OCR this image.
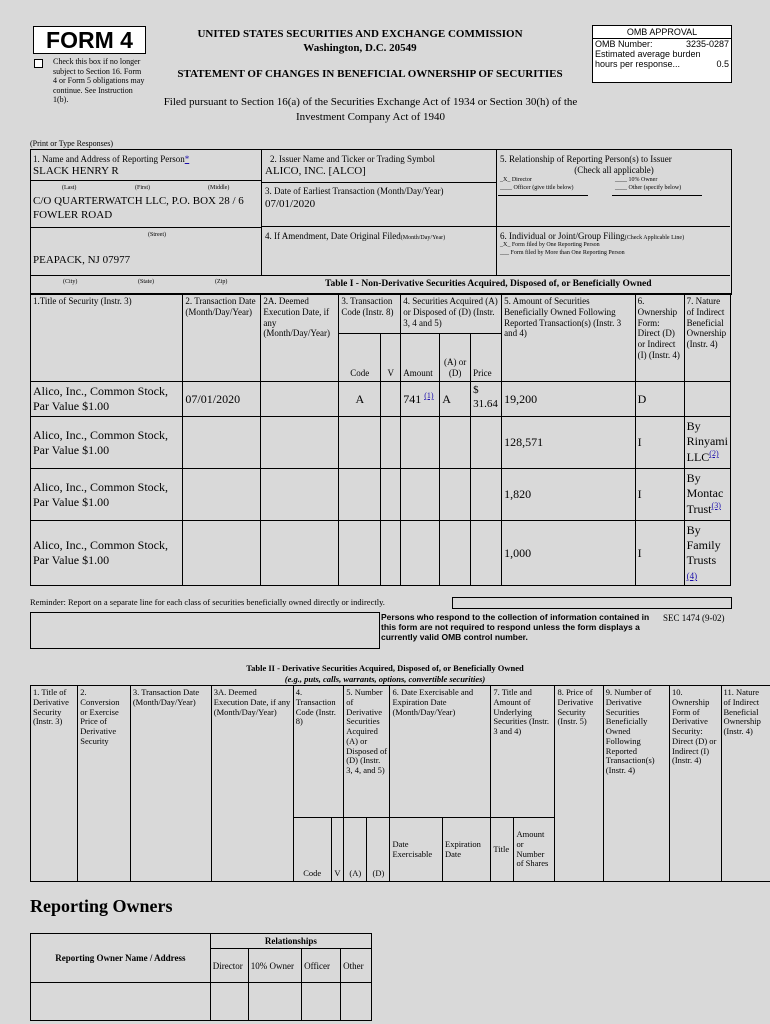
FORM 4
Check this box if no longer subject to Section 16. Form 4 or Form 5 obligations may continue. See Instruction 1(b).
UNITED STATES SECURITIES AND EXCHANGE COMMISSION
Washington, D.C. 20549
STATEMENT OF CHANGES IN BENEFICIAL OWNERSHIP OF SECURITIES
Filed pursuant to Section 16(a) of the Securities Exchange Act of 1934 or Section 30(h) of the Investment Company Act of 1940
OMB APPROVAL
OMB Number:	3235-0287
Estimated average burden
hours per response...	0.5
(Print or Type Responses)
1. Name and Address of Reporting Person*
SLACK HENRY R
(Last)	(First)	(Middle)
C/O QUARTERWATCH LLC, P.O. BOX 28 / 6 FOWLER ROAD
(Street)
PEAPACK, NJ 07977
(City)	(State)	(Zip)
2. Issuer Name and Ticker or Trading Symbol
ALICO, INC. [ALCO]
3. Date of Earliest Transaction (Month/Day/Year)
07/01/2020
4. If Amendment, Date Original Filed(Month/Day/Year)
5. Relationship of Reporting Person(s) to Issuer
(Check all applicable)
_X_ Director	____ 10% Owner
____ Officer (give title below)	____ Other (specify below)
6. Individual or Joint/Group Filing(Check Applicable Line)
_X_ Form filed by One Reporting Person
___ Form filed by More than One Reporting Person
Table I - Non-Derivative Securities Acquired, Disposed of, or Beneficially Owned
1.Title of Security (Instr. 3)	2. Transaction Date (Month/Day/Year)	2A. Deemed Execution Date, if any (Month/Day/Year)	3. Transaction Code (Instr. 8)		4. Securities Acquired (A) or Disposed of (D) (Instr. 3, 4 and 5)			5. Amount of Securities Beneficially Owned Following Reported Transaction(s) (Instr. 3 and 4)	6. Ownership Form: Direct (D) or Indirect (I) (Instr. 4)	7. Nature of Indirect Beneficial Ownership (Instr. 4)
			Code	V	Amount	(A) or (D)	Price			
Alico, Inc., Common Stock, Par Value $1.00	07/01/2020		A		741 $^{(1)}$	A	$ 31.64	19,200	D	
Alico, Inc., Common Stock, Par Value $1.00								128,571	I	By Rinyami LLC$^{(2)}$
Alico, Inc., Common Stock, Par Value $1.00								1,820	I	By Montac Trust$^{(3)}$
Alico, Inc., Common Stock, Par Value $1.00								1,000	I	By Family Trusts
(4)
Reminder: Report on a separate line for each class of securities beneficially owned directly or indirectly.
Persons who respond to the collection of information contained in this form are not required to respond unless the form displays a currently valid OMB control number.
SEC 1474 (9-02)
Table II - Derivative Securities Acquired, Disposed of, or Beneficially Owned
(e.g., puts, calls, warrants, options, convertible securities)
1. Title of Derivative Security (Instr. 3)	2. Conversion or Exercise Price of Derivative Security	3. Transaction Date (Month/Day/Year)	3A. Deemed Execution Date, if any (Month/Day/Year)	4. Transaction Code (Instr. 8)		5. Number of Derivative Securities Acquired (A) or Disposed of (D) (Instr. 3, 4, and 5)		6. Date Exercisable and Expiration Date (Month/Day/Year)		7. Title and Amount of Underlying Securities (Instr. 3 and 4)		8. Price of Derivative Security (Instr. 5)	9. Number of Derivative Securities Beneficially Owned Following Reported Transaction(s) (Instr. 4)	10. Ownership Form of Derivative Security: Direct (D) or Indirect (I) (Instr. 4)	11. Nature of Indirect Beneficial Ownership (Instr. 4)
				Code	V	(A)	(D)	Date Exercisable	Expiration Date	Title	Amount or Number of Shares				
Reporting Owners
Reporting Owner Name / Address	Relationships			
	Director	10% Owner	Officer	Other
